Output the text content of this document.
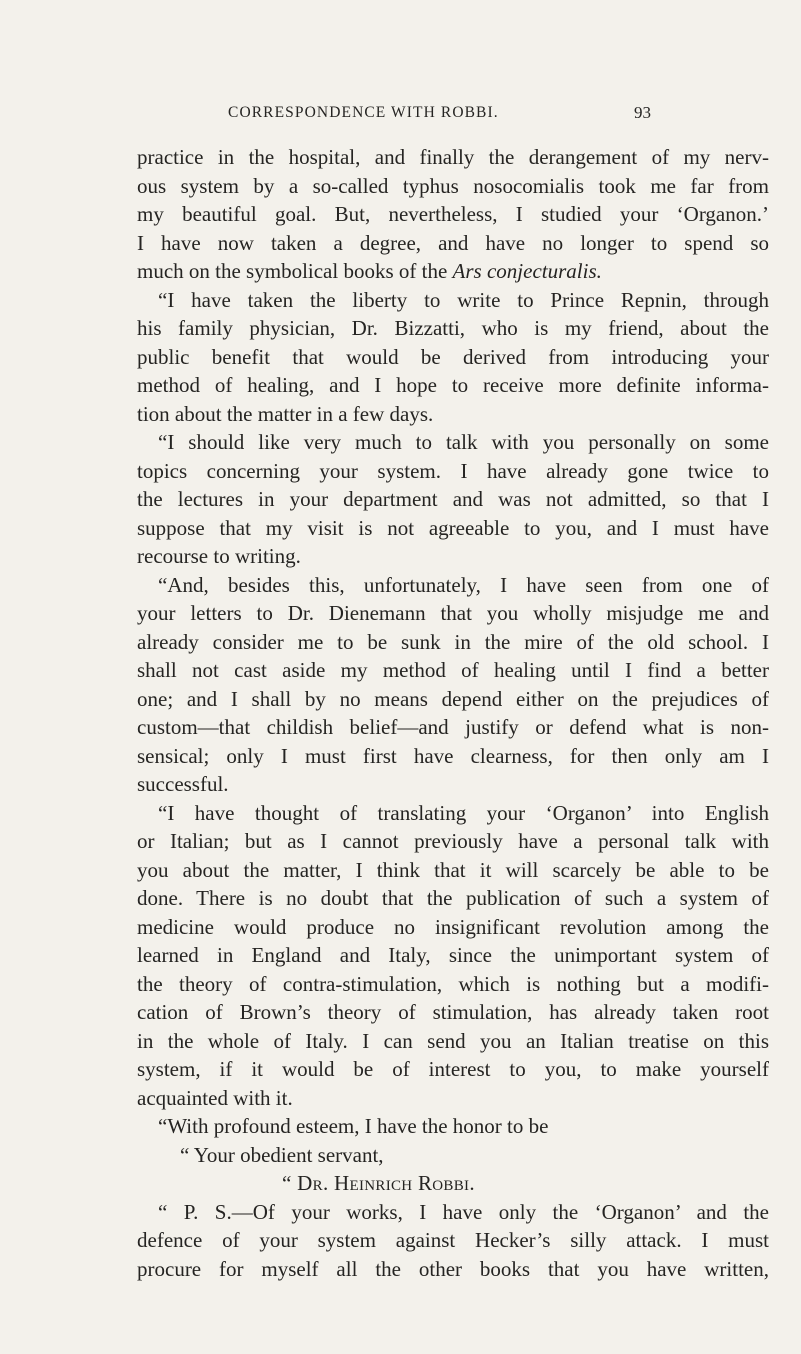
CORRESPONDENCE WITH ROBBI.	93
practice in the hospital, and finally the derangement of my nerv-
ous system by a so-called typhus nosocomialis took me far from
my beautiful goal. But, nevertheless, I studied your ‘Organon.’
I have now taken a degree, and have no longer to spend so
much on the symbolical books of the Ars conjecturalis.
“I have taken the liberty to write to Prince Repnin, through
his family physician, Dr. Bizzatti, who is my friend, about the
public benefit that would be derived from introducing your
method of healing, and I hope to receive more definite informa-
tion about the matter in a few days.
“I should like very much to talk with you personally on some
topics concerning your system. I have already gone twice to
the lectures in your department and was not admitted, so that I
suppose that my visit is not agreeable to you, and I must have
recourse to writing.
“And, besides this, unfortunately, I have seen from one of
your letters to Dr. Dienemann that you wholly misjudge me and
already consider me to be sunk in the mire of the old school. I
shall not cast aside my method of healing until I find a better
one; and I shall by no means depend either on the prejudices of
custom—that childish belief—and justify or defend what is non-
sensical; only I must first have clearness, for then only am I
successful.
“I have thought of translating your ‘Organon’ into English
or Italian; but as I cannot previously have a personal talk with
you about the matter, I think that it will scarcely be able to be
done. There is no doubt that the publication of such a system of
medicine would produce no insignificant revolution among the
learned in England and Italy, since the unimportant system of
the theory of contra-stimulation, which is nothing but a modifi-
cation of Brown’s theory of stimulation, has already taken root
in the whole of Italy. I can send you an Italian treatise on this
system, if it would be of interest to you, to make yourself
acquainted with it.
“With profound esteem, I have the honor to be
“ Your obedient servant,
“ Dr. Heinrich Robbi.
“ P. S.—Of your works, I have only the ‘Organon’ and the
defence of your system against Hecker’s silly attack. I must
procure for myself all the other books that you have written,
